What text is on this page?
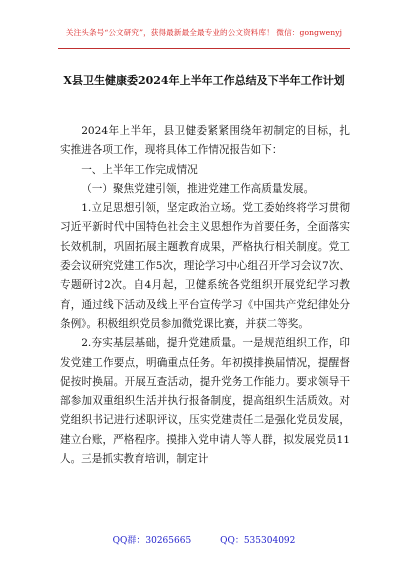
关注头条号“公文研究”，获得最新最全最专业的公文资料库！ 微信：gongwenyj
X县卫生健康委2024年上半年工作总结及下半年工作计划

2024年上半年，县卫健委紧紧围绕年初制定的目标，扎实推进各项工作，现将具体工作情况报告如下：

一、上半年工作完成情况

（一）聚焦党建引领，推进党建工作高质量发展。

1.立足思想引领，坚定政治立场。党工委始终将学习贯彻习近平新时代中国特色社会主义思想作为首要任务，全面落实长效机制，巩固拓展主题教育成果，严格执行相关制度。党工委会议研究党建工作5次，理论学习中心组召开学习会议7次、专题研讨2次。自4月起，卫健系统各党组织开展党纪学习教育，通过线下活动及线上平台宣传学习《中国共产党纪律处分条例》。积极组织党员参加微党课比赛，并获二等奖。

2.夯实基层基础，提升党建质量。一是规范组织工作，印发党建工作要点，明确重点任务。年初摸排换届情况，提醒督促按时换届。开展互查活动，提升党务工作能力。要求领导干部参加双重组织生活并执行报备制度，提高组织生活质效。对党组织书记进行述职评议，压实党建责任二是强化党员发展，建立台账，严格程序。摸排入党申请人等人群，拟发展党员11人。三是抓实教育培训，制定计

QQ群：30265665	QQ：535304092
